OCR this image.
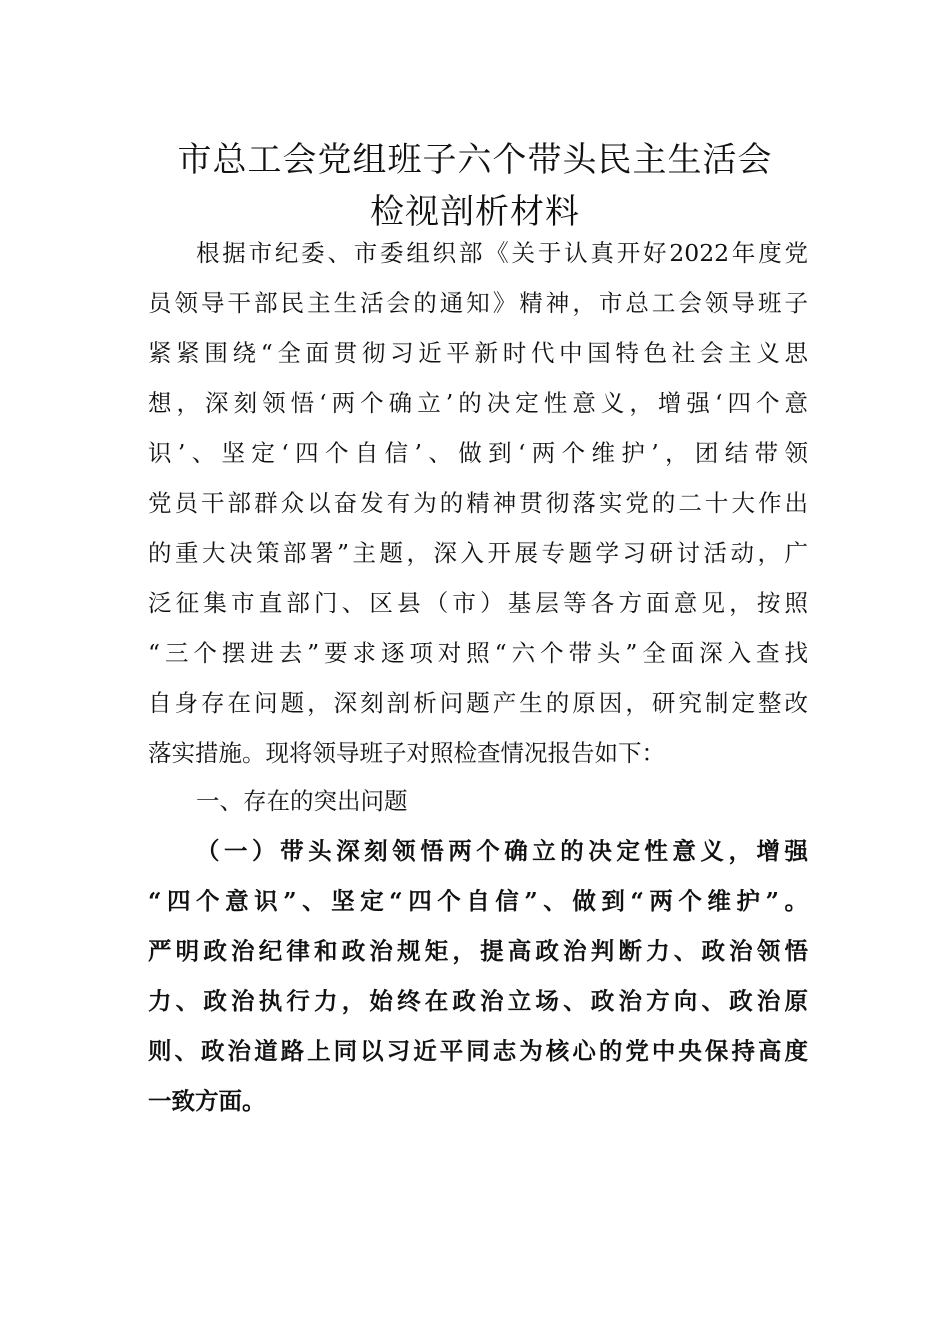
市总工会党组班子六个带头民主生活会
检视剖析材料
根据市纪委、市委组织部《关于认真开好2022年度党
员领导干部民主生活会的通知》精神，市总工会领导班子
紧紧围绕“全面贯彻习近平新时代中国特色社会主义思
想，深刻领悟‘两个确立’的决定性意义，增强‘四个意
识’、坚定‘四个自信’、做到‘两个维护’，团结带领
党员干部群众以奋发有为的精神贯彻落实党的二十大作出
的重大决策部署”主题，深入开展专题学习研讨活动，广
泛征集市直部门、区县（市）基层等各方面意见，按照
“三个摆进去”要求逐项对照“六个带头”全面深入查找
自身存在问题，深刻剖析问题产生的原因，研究制定整改
落实措施。现将领导班子对照检查情况报告如下：
一、存在的突出问题
（一）带头深刻领悟两个确立的决定性意义，增强
“四个意识”、坚定“四个自信”、做到“两个维护”。
严明政治纪律和政治规矩，提高政治判断力、政治领悟
力、政治执行力，始终在政治立场、政治方向、政治原
则、政治道路上同以习近平同志为核心的党中央保持高度
一致方面。
